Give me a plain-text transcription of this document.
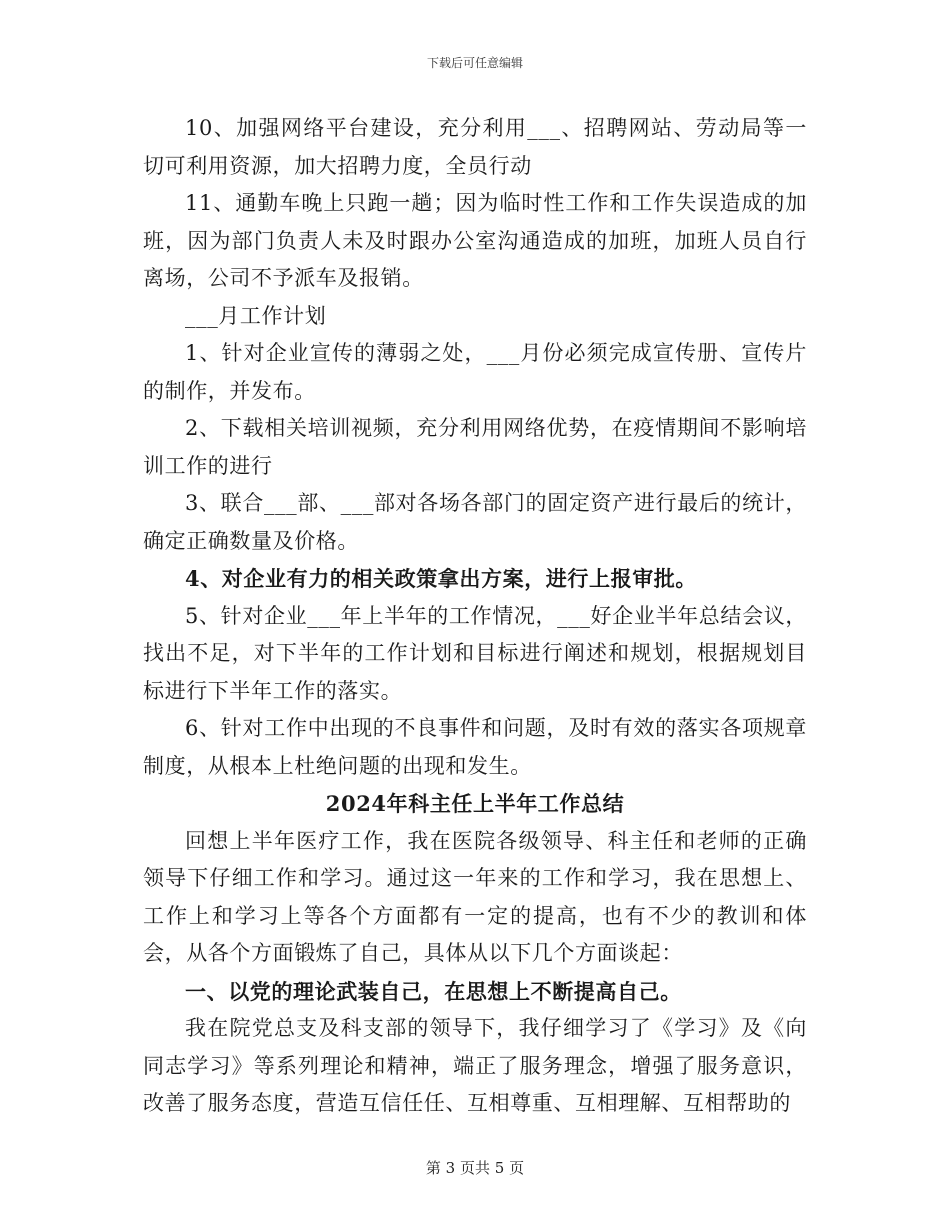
下载后可任意编辑

10、加强网络平台建设，充分利用___、招聘网站、劳动局等一切可利用资源，加大招聘力度，全员行动

11、通勤车晚上只跑一趟；因为临时性工作和工作失误造成的加班，因为部门负责人未及时跟办公室沟通造成的加班，加班人员自行离场，公司不予派车及报销。

___月工作计划

1、针对企业宣传的薄弱之处，___月份必须完成宣传册、宣传片的制作，并发布。

2、下载相关培训视频，充分利用网络优势，在疫情期间不影响培训工作的进行

3、联合___部、___部对各场各部门的固定资产进行最后的统计，确定正确数量及价格。

4、对企业有力的相关政策拿出方案，进行上报审批。

5、针对企业___年上半年的工作情况，___好企业半年总结会议，找出不足，对下半年的工作计划和目标进行阐述和规划，根据规划目标进行下半年工作的落实。

6、针对工作中出现的不良事件和问题，及时有效的落实各项规章制度，从根本上杜绝问题的出现和发生。

2024年科主任上半年工作总结

回想上半年医疗工作，我在医院各级领导、科主任和老师的正确领导下仔细工作和学习。通过这一年来的工作和学习，我在思想上、工作上和学习上等各个方面都有一定的提高，也有不少的教训和体会，从各个方面锻炼了自己，具体从以下几个方面谈起：

一、以党的理论武装自己，在思想上不断提高自己。

我在院党总支及科支部的领导下，我仔细学习了《学习》及《向同志学习》等系列理论和精神，端正了服务理念，增强了服务意识，改善了服务态度，营造互信任任、互相尊重、互相理解、互相帮助的

第 3 页共 5 页
